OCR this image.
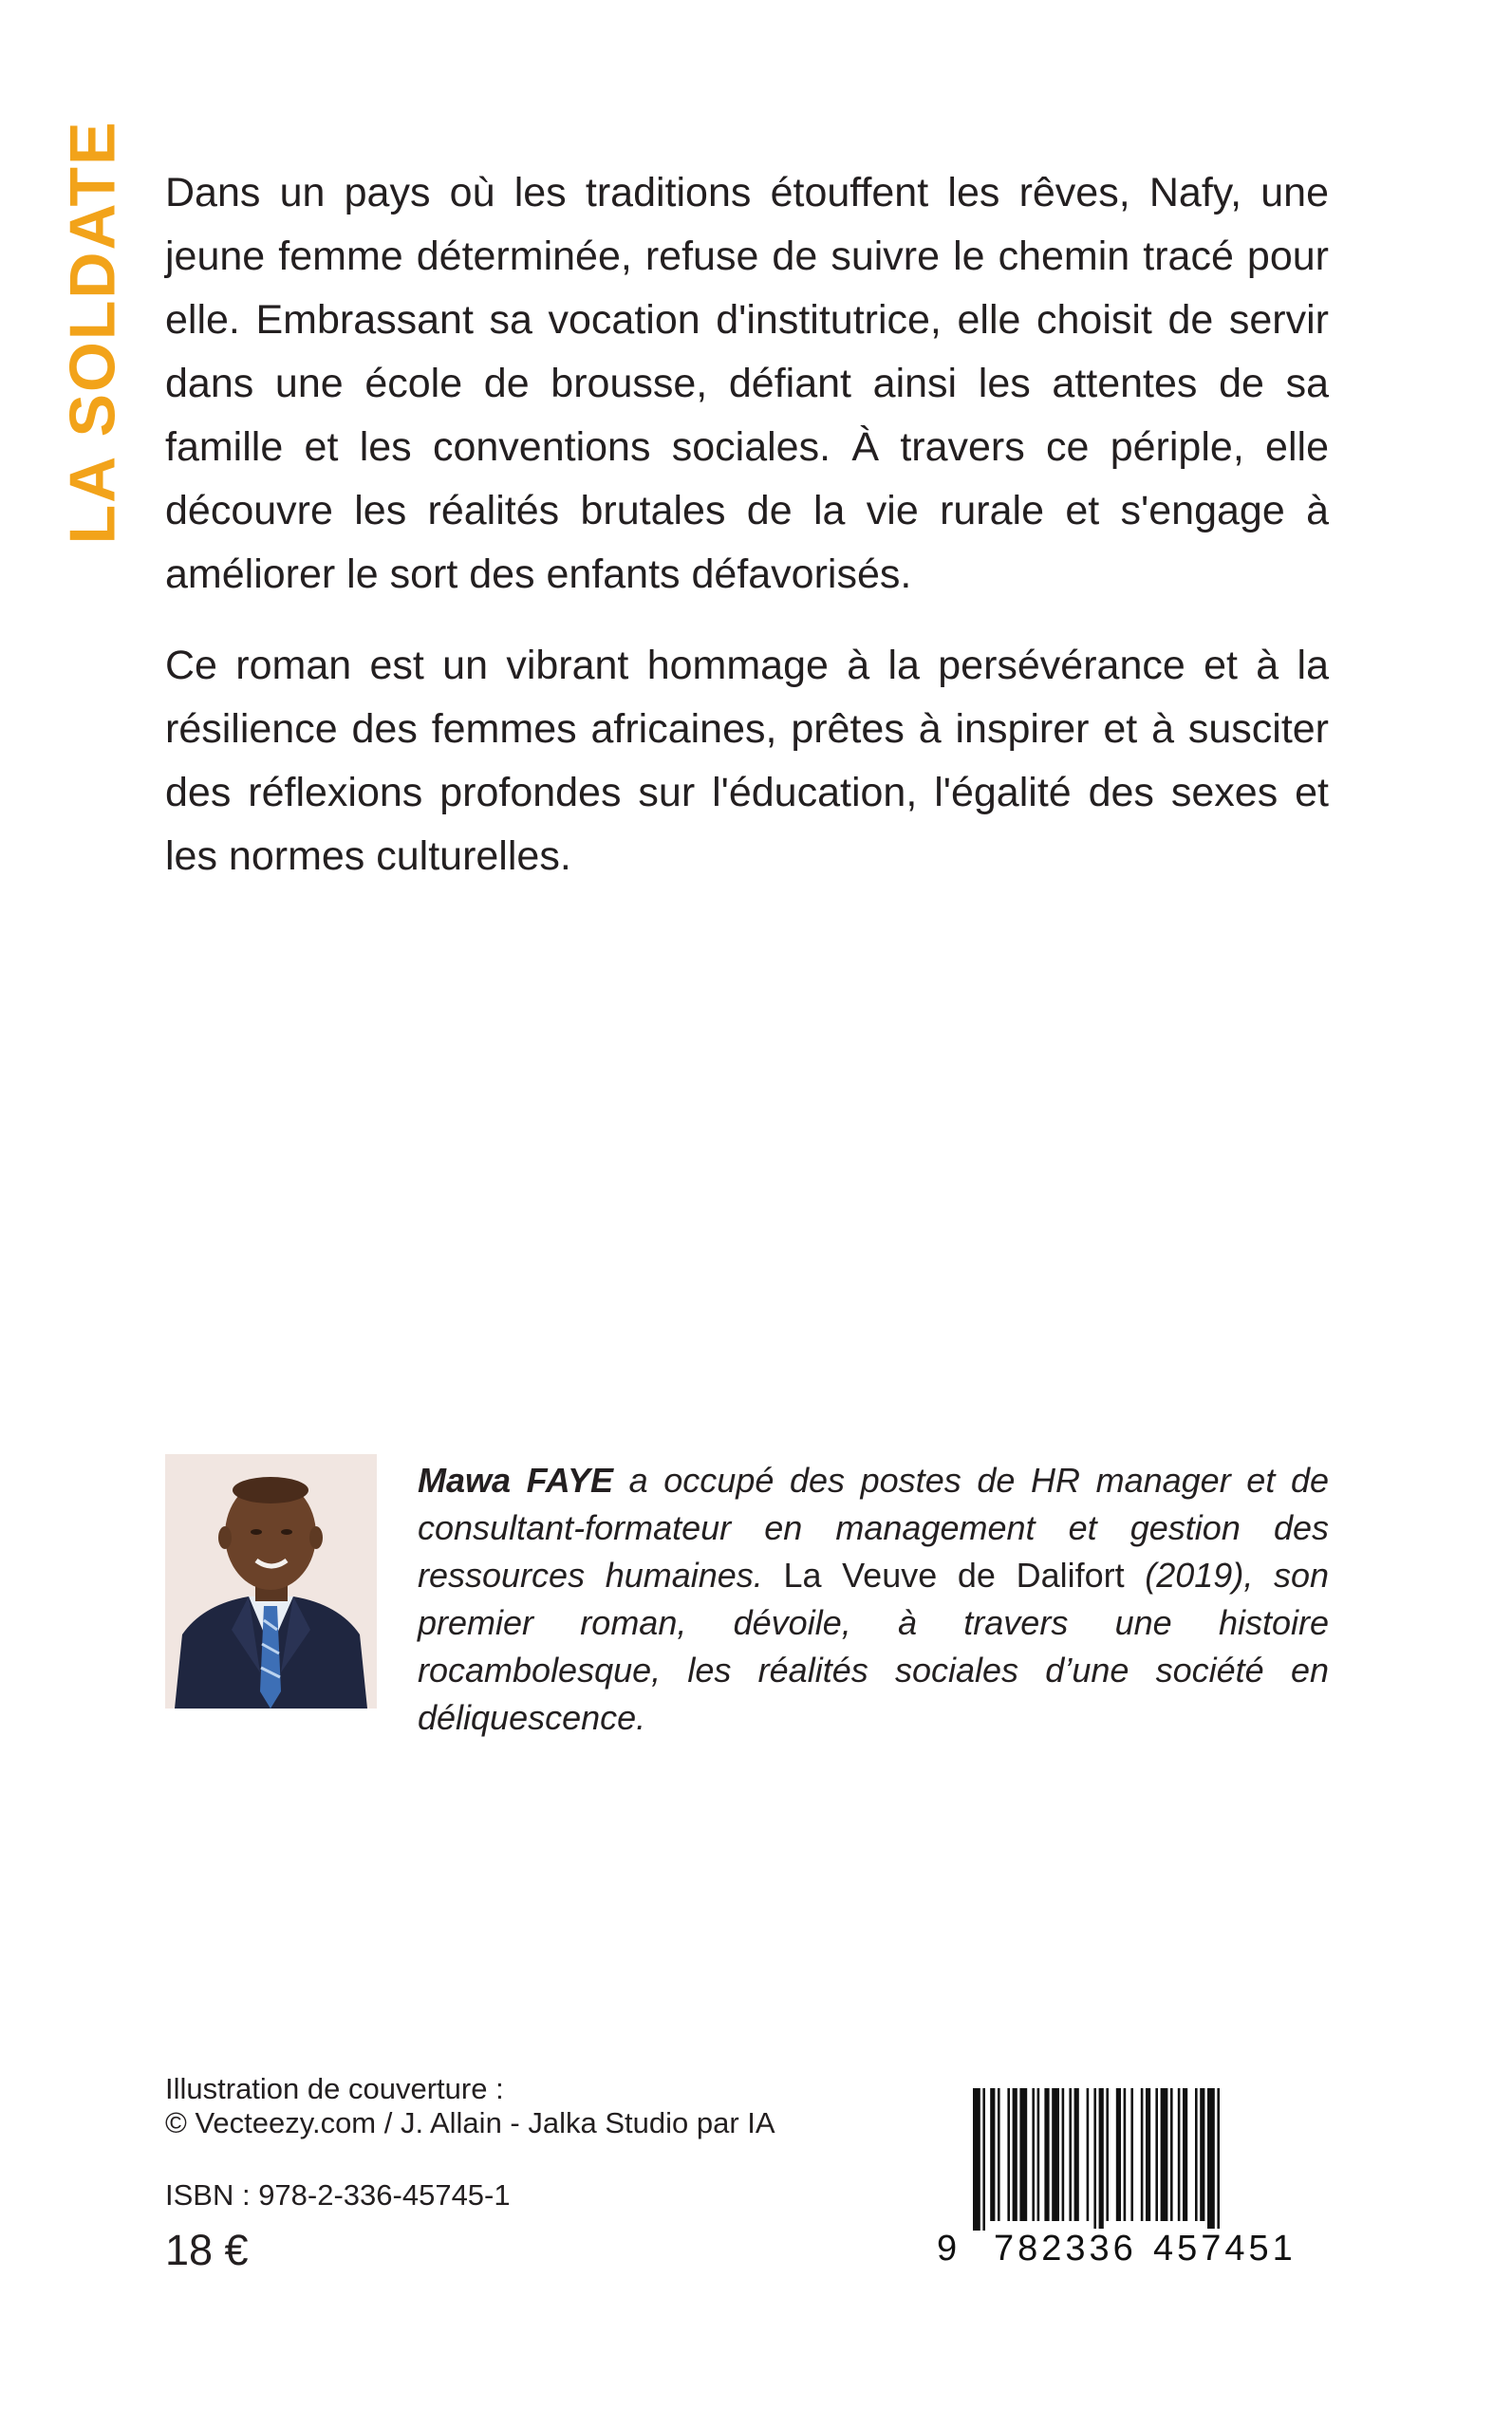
LA SOLDATE Dans un pays où les traditions étouffent les rêves, Nafy, une jeune femme déterminée, refuse de suivre le chemin tracé pour elle. Embrassant sa vocation d'institutrice, elle choisit de servir dans une école de brousse, défiant ainsi les attentes de sa famille et les conventions sociales. À travers ce périple, elle découvre les réalités brutales de la vie rurale et s'engage à améliorer le sort des enfants défavorisés.

Ce roman est un vibrant hommage à la persévérance et à la résilience des femmes africaines, prêtes à inspirer et à susciter des réflexions profondes sur l'éducation, l'égalité des sexes et les normes culturelles.

Mawa FAYE a occupé des postes de HR manager et de consultant-formateur en management et gestion des ressources humaines. La Veuve de Dalifort (2019), son premier roman, dévoile, à travers une histoire rocambolesque, les réalités sociales d’une société en déliquescence.

Illustration de couverture :
© Vecteezy.com / J. Allain - Jalka Studio par IA
ISBN : 978-2-336-45745-1
18 €	9 782336 457451
